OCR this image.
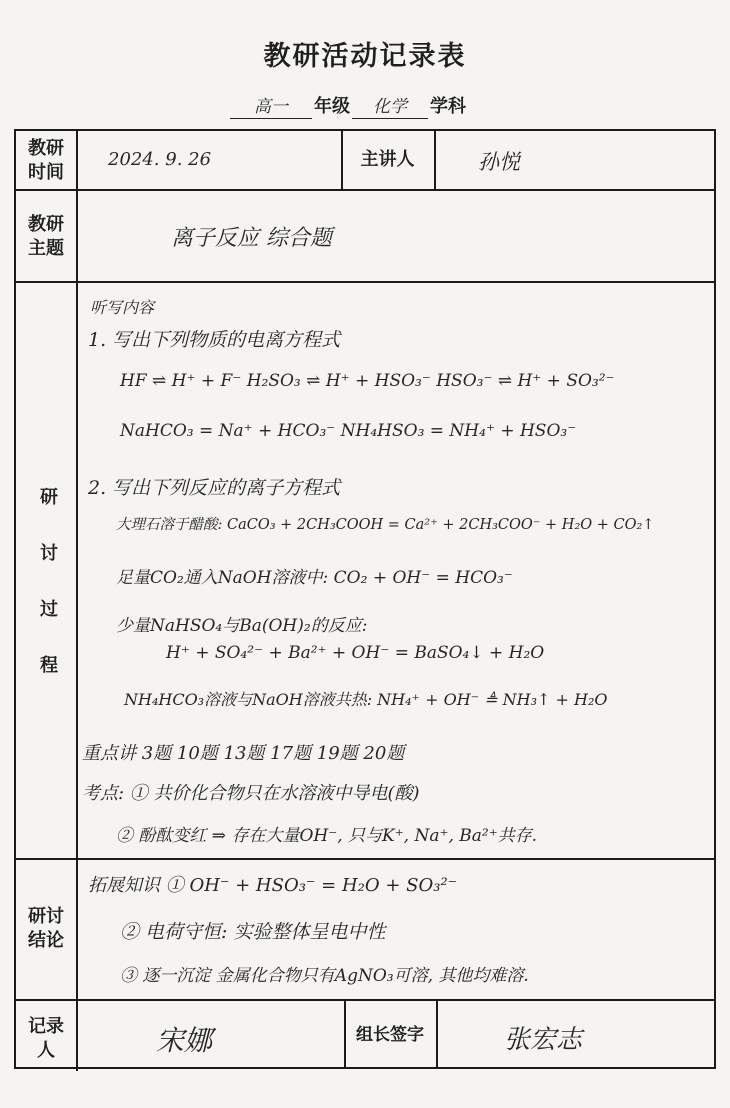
教研活动记录表
高一 年级 化学 学科
教研
时间
2024. 9. 26	主讲人	孙悦
教研
主题	离子反应 综合题
研
讨
过
程
听写内容
1. 写出下列物质的电离方程式
HF ⇌ H⁺ + F⁻ H₂SO₃ ⇌ H⁺ + HSO₃⁻ HSO₃⁻ ⇌ H⁺ + SO₃²⁻
NaHCO₃ = Na⁺ + HCO₃⁻ NH₄HSO₃ = NH₄⁺ + HSO₃⁻
2. 写出下列反应的离子方程式
大理石溶于醋酸: CaCO₃ + 2CH₃COOH = Ca²⁺ + 2CH₃COO⁻ + H₂O + CO₂↑
足量CO₂通入NaOH溶液中: CO₂ + OH⁻ = HCO₃⁻
少量NaHSO₄与Ba(OH)₂的反应:
H⁺ + SO₄²⁻ + Ba²⁺ + OH⁻ = BaSO₄↓ + H₂O
NH₄HCO₃溶液与NaOH溶液共热: NH₄⁺ + OH⁻ ≜ NH₃↑ + H₂O
重点讲 3题 10题 13题 17题 19题 20题
考点: ① 共价化合物只在水溶液中导电(酸)
② 酚酞变红 ⇒ 存在大量OH⁻, 只与K⁺, Na⁺, Ba²⁺共存.
研讨
结论
拓展知识 ① OH⁻ + HSO₃⁻ = H₂O + SO₃²⁻
② 电荷守恒: 实验整体呈电中性
③ 逐一沉淀 金属化合物只有AgNO₃可溶, 其他均难溶.
记录
人	宋娜	组长签字	张宏志
